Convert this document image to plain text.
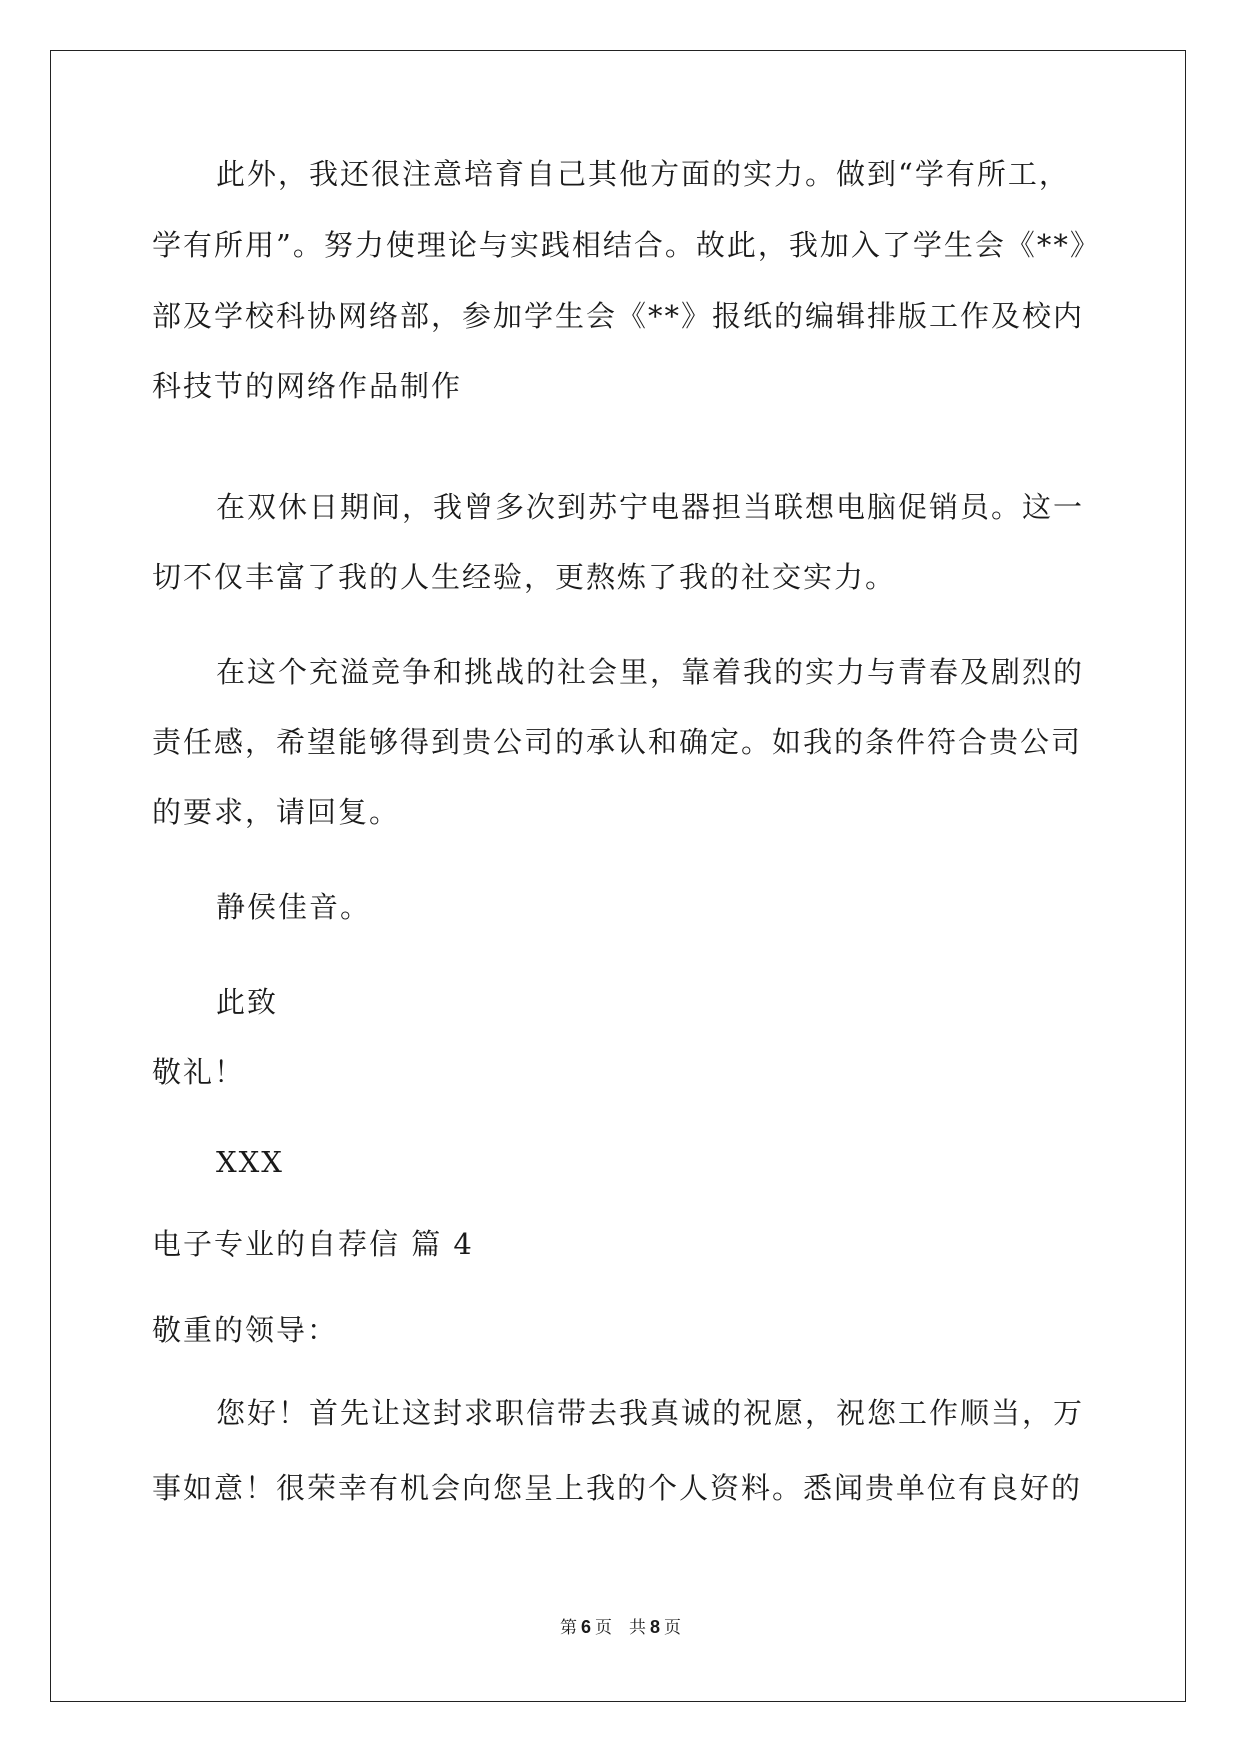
此外，我还很注意培育自己其他方面的实力。做到“学有所工，
学有所用”。努力使理论与实践相结合。故此，我加入了学生会《**》
部及学校科协网络部，参加学生会《**》报纸的编辑排版工作及校内
科技节的网络作品制作
在双休日期间，我曾多次到苏宁电器担当联想电脑促销员。这一
切不仅丰富了我的人生经验，更熬炼了我的社交实力。
在这个充溢竞争和挑战的社会里，靠着我的实力与青春及剧烈的
责任感，希望能够得到贵公司的承认和确定。如我的条件符合贵公司
的要求，请回复。
静侯佳音。
此致
敬礼！
XXX
电子专业的自荐信 篇 4
敬重的领导：
您好！首先让这封求职信带去我真诚的祝愿，祝您工作顺当，万
事如意！很荣幸有机会向您呈上我的个人资料。悉闻贵单位有良好的
第 6 页　共 8 页
